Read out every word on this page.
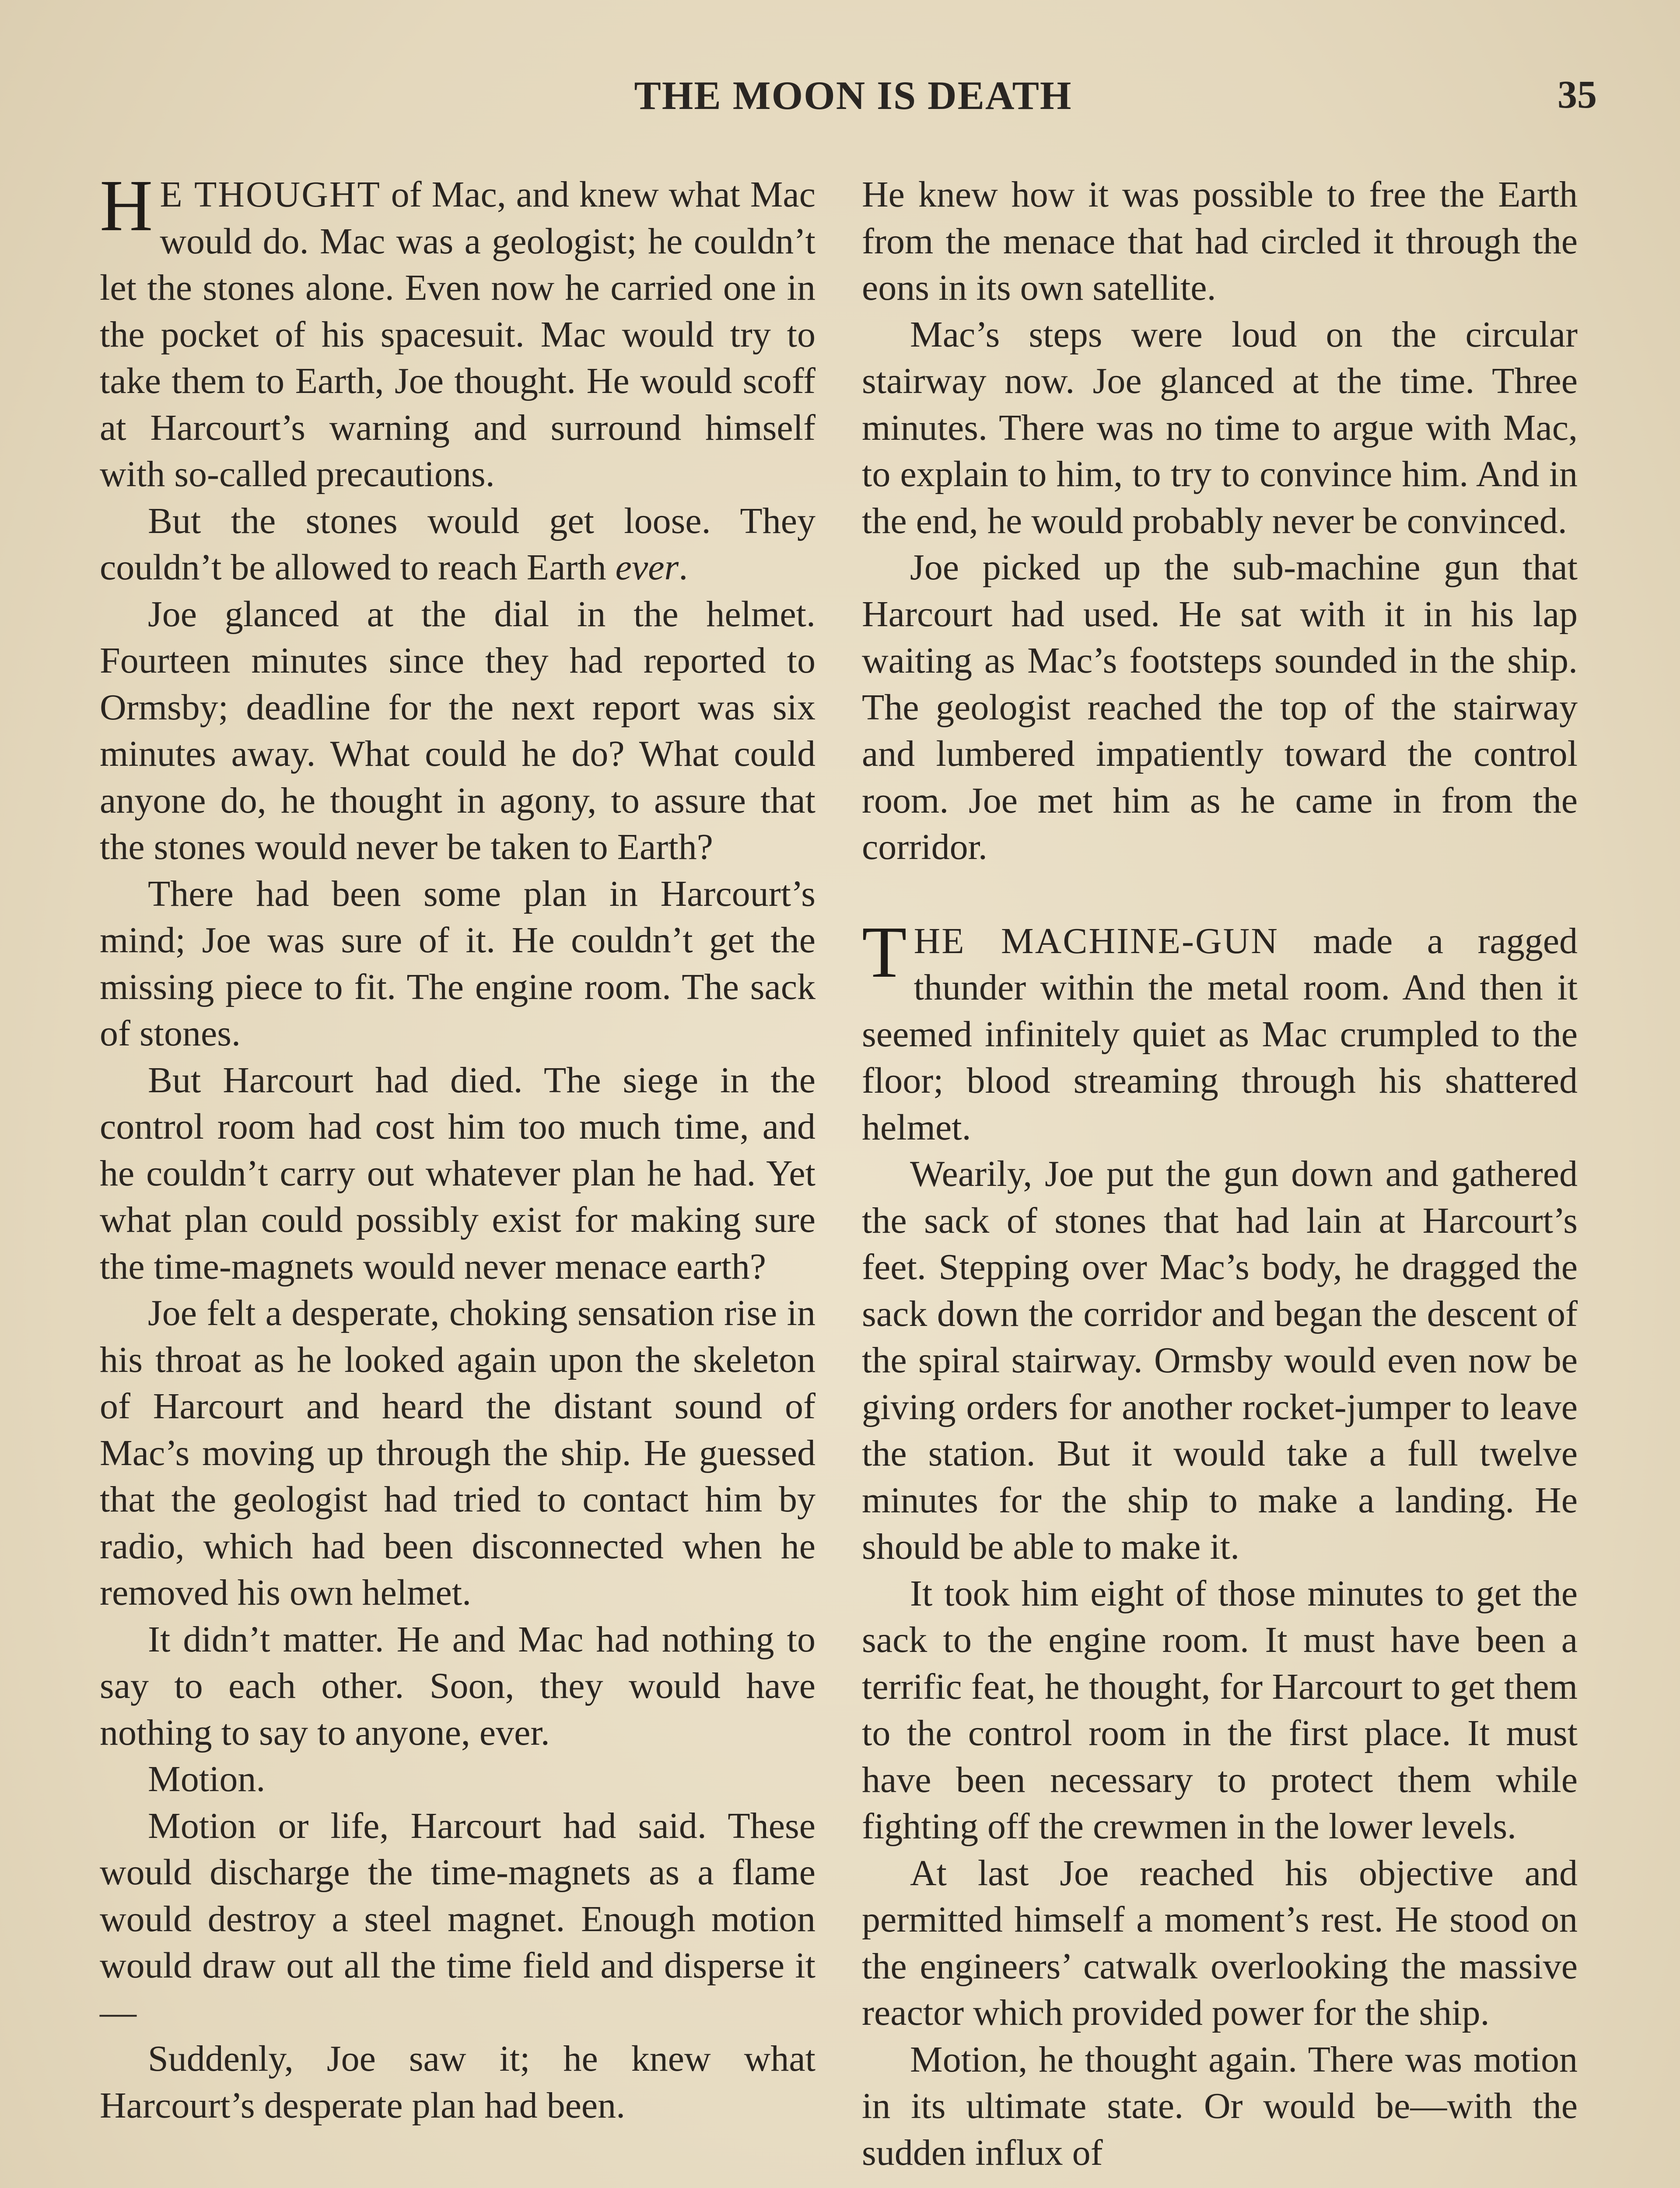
THE MOON IS DEATH	35

H E THOUGHT of Mac, and knew what Mac would do. Mac was a geologist; he couldn’t let the stones alone. Even now he carried one in the pocket of his spacesuit. Mac would try to take them to Earth, Joe thought. He would scoff at Harcourt’s warning and surround himself with so-called precautions.

But the stones would get loose. They couldn’t be allowed to reach Earth ever.

Joe glanced at the dial in the helmet. Fourteen minutes since they had reported to Ormsby; deadline for the next report was six minutes away. What could he do? What could anyone do, he thought in agony, to assure that the stones would never be taken to Earth?

There had been some plan in Harcourt’s mind; Joe was sure of it. He couldn’t get the missing piece to fit. The engine room. The sack of stones.

But Harcourt had died. The siege in the control room had cost him too much time, and he couldn’t carry out whatever plan he had. Yet what plan could possibly exist for making sure the time-magnets would never menace earth?

Joe felt a desperate, choking sensation rise in his throat as he looked again upon the skeleton of Harcourt and heard the distant sound of Mac’s moving up through the ship. He guessed that the geologist had tried to contact him by radio, which had been disconnected when he removed his own helmet.

It didn’t matter. He and Mac had nothing to say to each other. Soon, they would have nothing to say to anyone, ever.

Motion.

Motion or life, Harcourt had said. These would discharge the time-magnets as a flame would destroy a steel magnet. Enough motion would draw out all the time field and disperse it—

Suddenly, Joe saw it; he knew what Harcourt’s desperate plan had been.

He knew how it was possible to free the Earth from the menace that had circled it through the eons in its own satellite.

Mac’s steps were loud on the circular stairway now. Joe glanced at the time. Three minutes. There was no time to argue with Mac, to explain to him, to try to convince him. And in the end, he would probably never be convinced.

Joe picked up the sub-machine gun that Harcourt had used. He sat with it in his lap waiting as Mac’s footsteps sounded in the ship. The geologist reached the top of the stairway and lumbered impatiently toward the control room. Joe met him as he came in from the corridor.

THE MACHINE-GUN made a ragged thunder within the metal room. And then it seemed infinitely quiet as Mac crumpled to the floor; blood streaming through his shattered helmet.

Wearily, Joe put the gun down and gathered the sack of stones that had lain at Harcourt’s feet. Stepping over Mac’s body, he dragged the sack down the corridor and began the descent of the spiral stairway. Ormsby would even now be giving orders for another rocket-jumper to leave the station. But it would take a full twelve minutes for the ship to make a landing. He should be able to make it.

It took him eight of those minutes to get the sack to the engine room. It must have been a terrific feat, he thought, for Harcourt to get them to the control room in the first place. It must have been necessary to protect them while fighting off the crewmen in the lower levels.

At last Joe reached his objective and permitted himself a moment’s rest. He stood on the engineers’ catwalk overlooking the massive reactor which provided power for the ship.

Motion, he thought again. There was motion in its ultimate state. Or would be—with the sudden influx of
